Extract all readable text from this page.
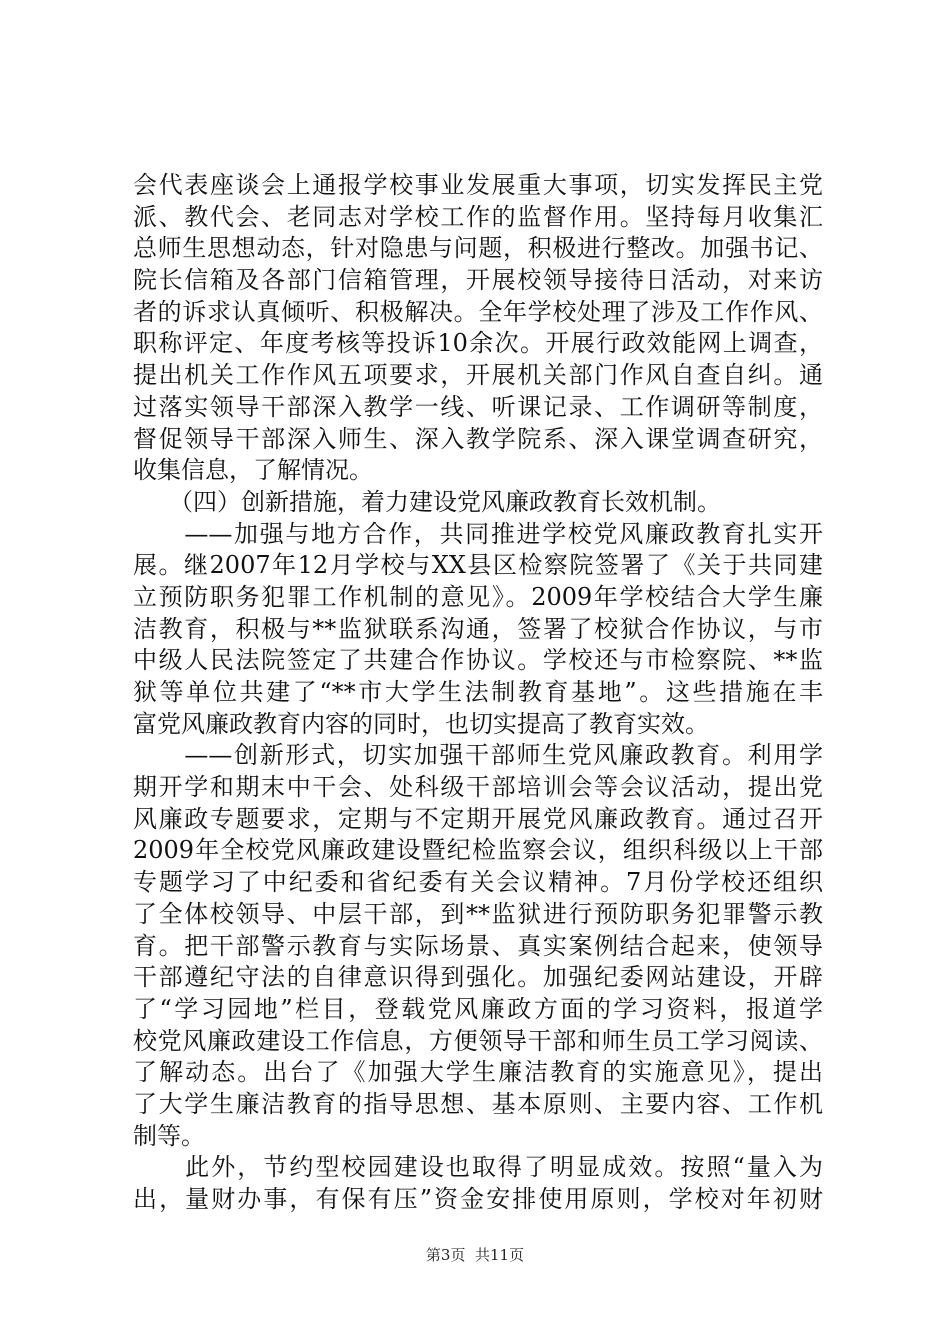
会代表座谈会上通报学校事业发展重大事项，切实发挥民主党
派、教代会、老同志对学校工作的监督作用。坚持每月收集汇
总师生思想动态，针对隐患与问题，积极进行整改。加强书记、
院长信箱及各部门信箱管理，开展校领导接待日活动，对来访
者的诉求认真倾听、积极解决。全年学校处理了涉及工作作风、
职称评定、年度考核等投诉10余次。开展行政效能网上调查，
提出机关工作作风五项要求，开展机关部门作风自查自纠。通
过落实领导干部深入教学一线、听课记录、工作调研等制度，
督促领导干部深入师生、深入教学院系、深入课堂调查研究，
收集信息，了解情况。
　　（四）创新措施，着力建设党风廉政教育长效机制。
　　——加强与地方合作，共同推进学校党风廉政教育扎实开
展。继2007年12月学校与XX县区检察院签署了《关于共同建
立预防职务犯罪工作机制的意见》。2009年学校结合大学生廉
洁教育，积极与**监狱联系沟通，签署了校狱合作协议，与市
中级人民法院签定了共建合作协议。学校还与市检察院、**监
狱等单位共建了“**市大学生法制教育基地”。这些措施在丰
富党风廉政教育内容的同时，也切实提高了教育实效。
　　——创新形式，切实加强干部师生党风廉政教育。利用学
期开学和期末中干会、处科级干部培训会等会议活动，提出党
风廉政专题要求，定期与不定期开展党风廉政教育。通过召开
2009年全校党风廉政建设暨纪检监察会议，组织科级以上干部
专题学习了中纪委和省纪委有关会议精神。7月份学校还组织
了全体校领导、中层干部，到**监狱进行预防职务犯罪警示教
育。把干部警示教育与实际场景、真实案例结合起来，使领导
干部遵纪守法的自律意识得到强化。加强纪委网站建设，开辟
了“学习园地”栏目，登载党风廉政方面的学习资料，报道学
校党风廉政建设工作信息，方便领导干部和师生员工学习阅读、
了解动态。出台了《加强大学生廉洁教育的实施意见》，提出
了大学生廉洁教育的指导思想、基本原则、主要内容、工作机
制等。
　　此外，节约型校园建设也取得了明显成效。按照“量入为
出，量财办事，有保有压”资金安排使用原则，学校对年初财
第3页  共11页
